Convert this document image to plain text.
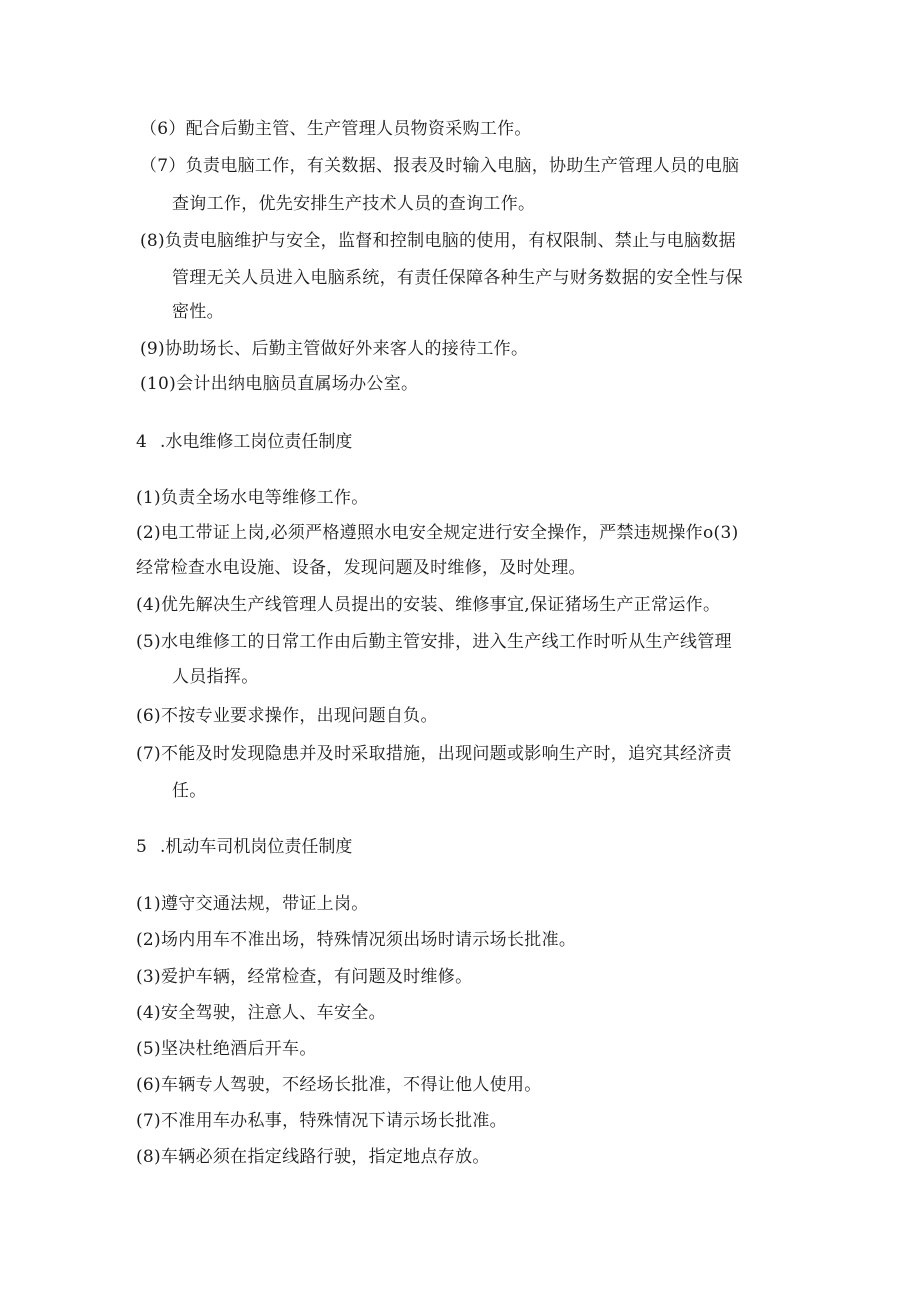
（6）配合后勤主管、生产管理人员物资采购工作。
（7）负责电脑工作，有关数据、报表及时输入电脑，协助生产管理人员的电脑
查询工作，优先安排生产技术人员的查询工作。
(8)负责电脑维护与安全，监督和控制电脑的使用，有权限制、禁止与电脑数据
管理无关人员进入电脑系统，有责任保障各种生产与财务数据的安全性与保
密性。
(9)协助场长、后勤主管做好外来客人的接待工作。
(10)会计出纳电脑员直属场办公室。
4 .水电维修工岗位责任制度
(1)负责全场水电等维修工作。
(2)电工带证上岗,必须严格遵照水电安全规定进行安全操作，严禁违规操作o(3)
经常检查水电设施、设备，发现问题及时维修，及时处理。
(4)优先解决生产线管理人员提出的安装、维修事宜,保证猪场生产正常运作。
(5)水电维修工的日常工作由后勤主管安排，进入生产线工作时听从生产线管理
人员指挥。
(6)不按专业要求操作，出现问题自负。
(7)不能及时发现隐患并及时采取措施，出现问题或影响生产时，追究其经济责
任。
5 .机动车司机岗位责任制度
(1)遵守交通法规，带证上岗。
(2)场内用车不准出场，特殊情况须出场时请示场长批准。
(3)爱护车辆，经常检查，有问题及时维修。
(4)安全驾驶，注意人、车安全。
(5)坚决杜绝酒后开车。
(6)车辆专人驾驶，不经场长批准，不得让他人使用。
(7)不准用车办私事，特殊情况下请示场长批准。
(8)车辆必须在指定线路行驶，指定地点存放。
